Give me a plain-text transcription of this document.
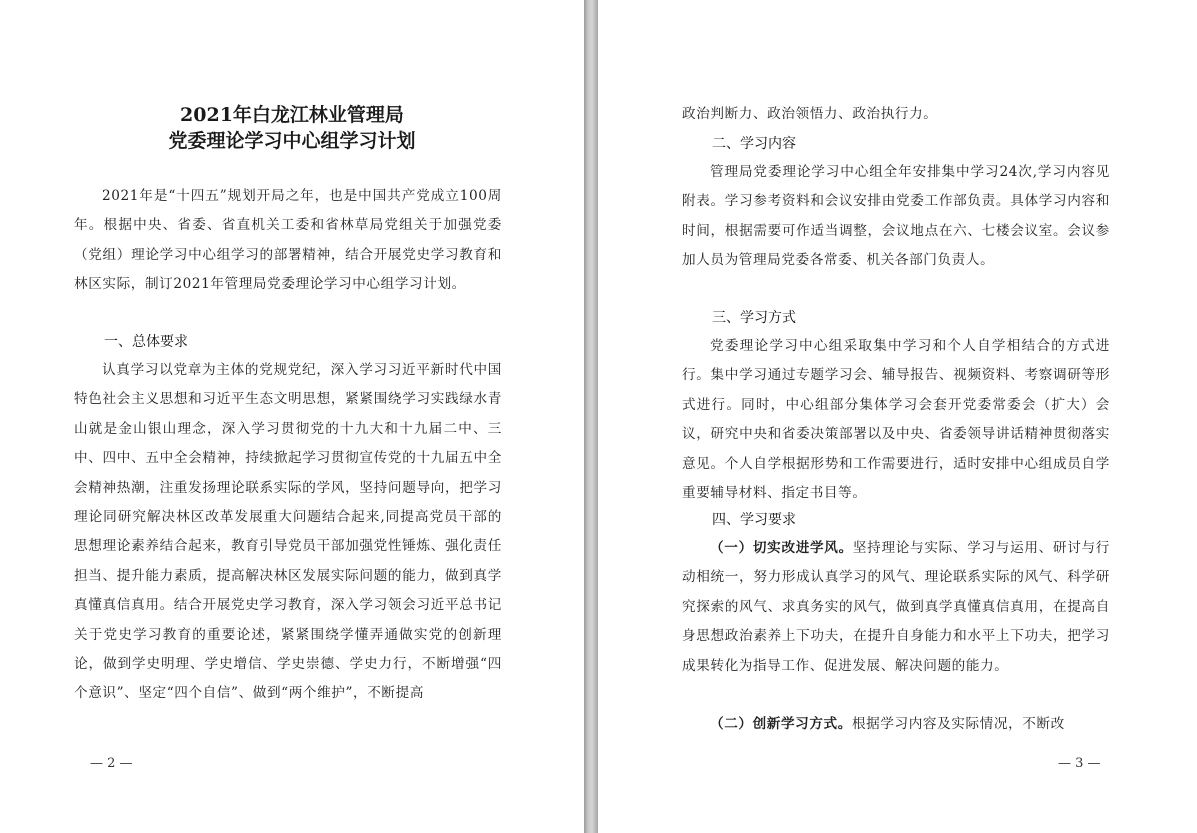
2021年白龙江林业管理局

党委理论学习中心组学习计划

2021年是“十四五”规划开局之年，也是中国共产党成立100周年。根据中央、省委、省直机关工委和省林草局党组关于加强党委（党组）理论学习中心组学习的部署精神，结合开展党史学习教育和林区实际，制订2021年管理局党委理论学习中心组学习计划。

一、总体要求

认真学习以党章为主体的党规党纪，深入学习习近平新时代中国特色社会主义思想和习近平生态文明思想，紧紧围绕学习实践绿水青山就是金山银山理念，深入学习贯彻党的十九大和十九届二中、三中、四中、五中全会精神，持续掀起学习贯彻宣传党的十九届五中全会精神热潮，注重发扬理论联系实际的学风，坚持问题导向，把学习理论同研究解决林区改革发展重大问题结合起来,同提高党员干部的思想理论素养结合起来，教育引导党员干部加强党性锤炼、强化责任担当、提升能力素质，提高解决林区发展实际问题的能力，做到真学真懂真信真用。结合开展党史学习教育，深入学习领会习近平总书记关于党史学习教育的重要论述，紧紧围绕学懂弄通做实党的创新理论，做到学史明理、学史增信、学史崇德、学史力行，不断增强“四个意识”、坚定“四个自信”、做到“两个维护”，不断提高

— 2 —

政治判断力、政治领悟力、政治执行力。

二、学习内容

管理局党委理论学习中心组全年安排集中学习24次,学习内容见附表。学习参考资料和会议安排由党委工作部负责。具体学习内容和时间，根据需要可作适当调整，会议地点在六、七楼会议室。会议参加人员为管理局党委各常委、机关各部门负责人。

三、学习方式

党委理论学习中心组采取集中学习和个人自学相结合的方式进行。集中学习通过专题学习会、辅导报告、视频资料、考察调研等形式进行。同时，中心组部分集体学习会套开党委常委会（扩大）会议，研究中央和省委决策部署以及中央、省委领导讲话精神贯彻落实意见。个人自学根据形势和工作需要进行，适时安排中心组成员自学重要辅导材料、指定书目等。

四、学习要求

（一）切实改进学风。坚持理论与实际、学习与运用、研讨与行动相统一，努力形成认真学习的风气、理论联系实际的风气、科学研究探索的风气、求真务实的风气，做到真学真懂真信真用，在提高自身思想政治素养上下功夫，在提升自身能力和水平上下功夫，把学习成果转化为指导工作、促进发展、解决问题的能力。

（二）创新学习方式。根据学习内容及实际情况，不断改

— 3 —
